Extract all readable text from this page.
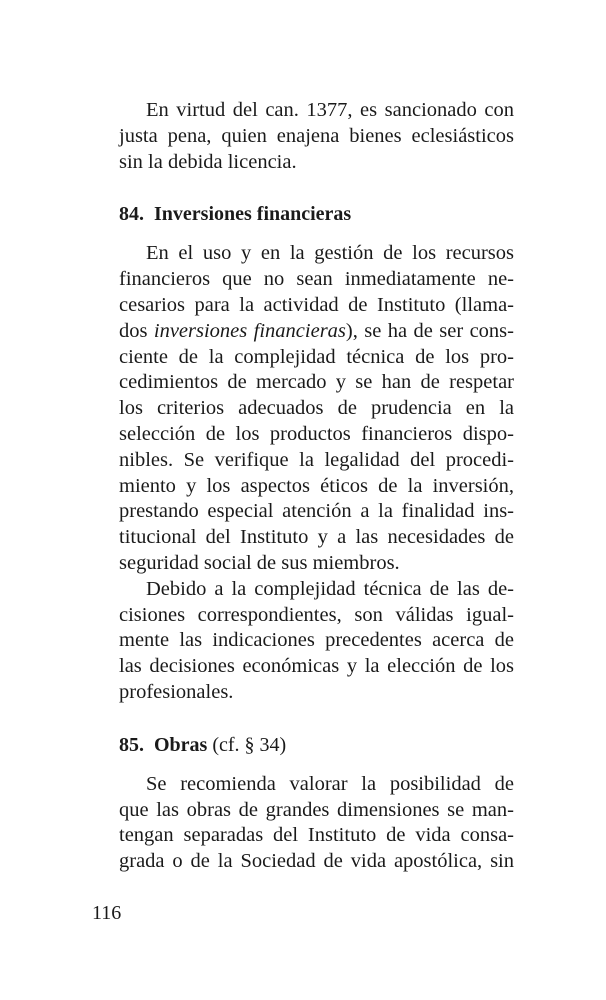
En virtud del can. 1377, es sancionado con
justa pena, quien enajena bienes eclesiásticos
sin la debida licencia.

84. Inversiones financieras

En el uso y en la gestión de los recursos
financieros que no sean inmediatamente ne-
cesarios para la actividad de Instituto (llama-
dos inversiones financieras), se ha de ser cons-
ciente de la complejidad técnica de los pro-
cedimientos de mercado y se han de respetar
los criterios adecuados de prudencia en la
selección de los productos financieros dispo-
nibles. Se verifique la legalidad del procedi-
miento y los aspectos éticos de la inversión,
prestando especial atención a la finalidad ins-
titucional del Instituto y a las necesidades de
seguridad social de sus miembros.

Debido a la complejidad técnica de las de-
cisiones correspondientes, son válidas igual-
mente las indicaciones precedentes acerca de
las decisiones económicas y la elección de los
profesionales.

85. Obras (cf. § 34)

Se recomienda valorar la posibilidad de
que las obras de grandes dimensiones se man-
tengan separadas del Instituto de vida consa-
grada o de la Sociedad de vida apostólica, sin

116
